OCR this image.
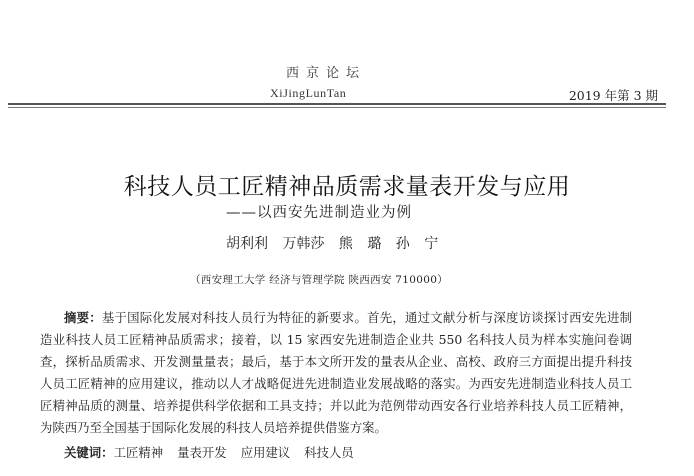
西京论坛
XiJingLunTan	2019 年第 3 期
科技人员工匠精神品质需求量表开发与应用
——以西安先进制造业为例
胡利利 万韩莎 熊 璐 孙 宁
（西安理工大学 经济与管理学院 陕西西安 710000）
摘要：基于国际化发展对科技人员行为特征的新要求。首先，通过文献分析与深度访谈探讨西安先进制造业科技人员工匠精神品质需求；接着，以 15 家西安先进制造企业共 550 名科技人员为样本实施问卷调查，探析品质需求、开发测量量表；最后，基于本文所开发的量表从企业、高校、政府三方面提出提升科技人员工匠精神的应用建议，推动以人才战略促进先进制造业发展战略的落实。为西安先进制造业科技人员工匠精神品质的测量、培养提供科学依据和工具支持；并以此为范例带动西安各行业培养科技人员工匠精神，为陕西乃至全国基于国际化发展的科技人员培养提供借鉴方案。
关键词：工匠精神 量表开发 应用建议 科技人员
